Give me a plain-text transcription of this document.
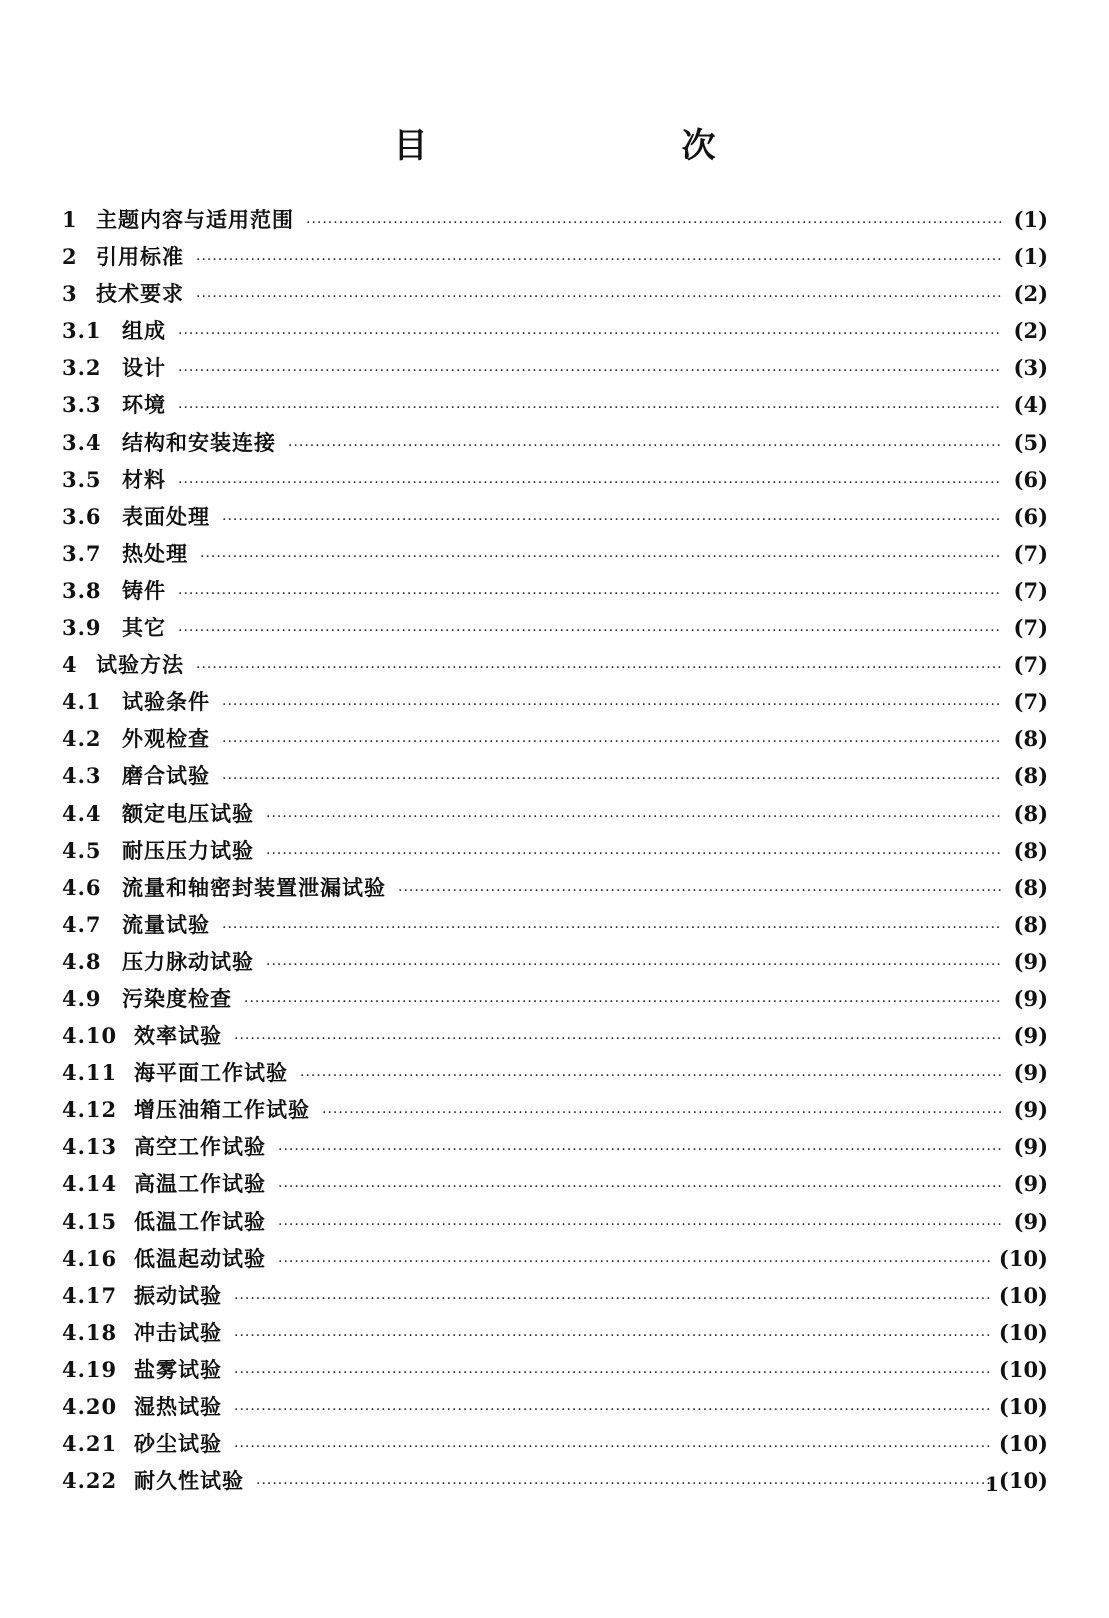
目　　次
1 主题内容与适用范围 ·····	(1)
2 引用标准 ·····	(1)
3 技术要求 ·····	(2)
3.1 组成 ·····	(2)
3.2 设计 ·····	(3)
3.3 环境 ·····	(4)
3.4 结构和安装连接 ·····	(5)
3.5 材料 ·····	(6)
3.6 表面处理 ·····	(6)
3.7 热处理 ·····	(7)
3.8 铸件 ·····	(7)
3.9 其它 ·····	(7)
4 试验方法 ·····	(7)
4.1 试验条件 ·····	(7)
4.2 外观检查 ·····	(8)
4.3 磨合试验 ·····	(8)
4.4 额定电压试验 ·····	(8)
4.5 耐压压力试验 ·····	(8)
4.6 流量和轴密封装置泄漏试验 ·····	(8)
4.7 流量试验 ·····	(8)
4.8 压力脉动试验 ·····	(9)
4.9 污染度检查 ·····	(9)
4.10 效率试验 ·····	(9)
4.11 海平面工作试验 ·····	(9)
4.12 增压油箱工作试验 ·····	(9)
4.13 高空工作试验 ·····	(9)
4.14 高温工作试验 ·····	(9)
4.15 低温工作试验 ·····	(9)
4.16 低温起动试验 ·····	(10)
4.17 振动试验 ·····	(10)
4.18 冲击试验 ·····	(10)
4.19 盐雾试验 ·····	(10)
4.20 湿热试验 ·····	(10)
4.21 砂尘试验 ·····	(10)
4.22 耐久性试验 ·····	(10)
1
